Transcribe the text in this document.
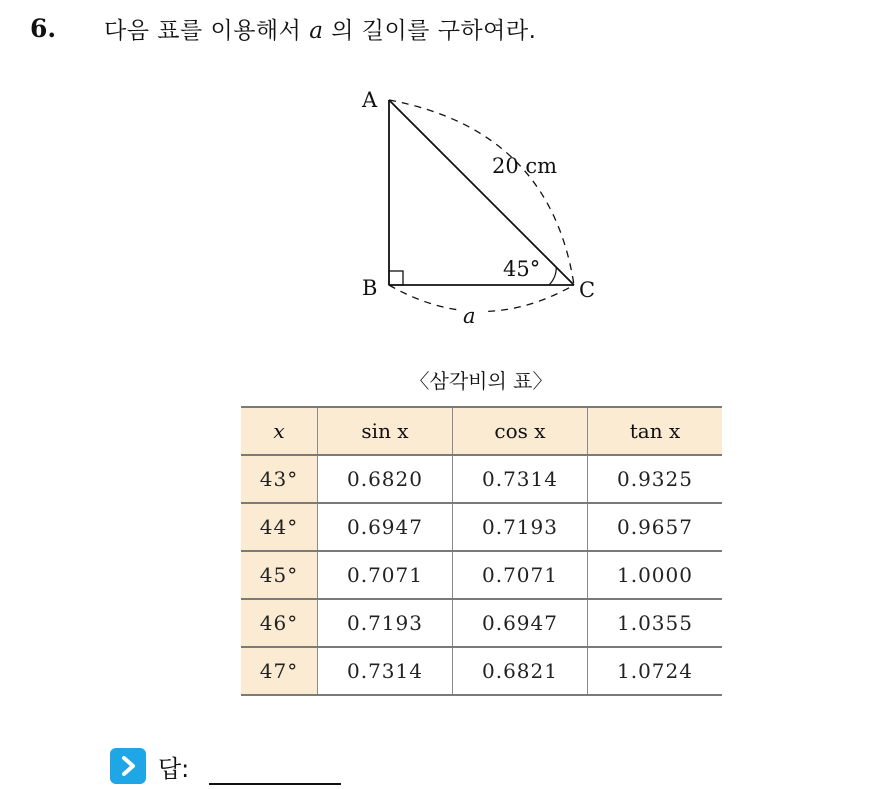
6.	다음 표를 이용해서 a 의 길이를 구하여라.
A
B	C
20 cm
45°
a
〈삼각비의 표〉
x	sin x	cos x	tan x
43°	0.6820	0.7314	0.9325
44°	0.6947	0.7193	0.9657
45°	0.7071	0.7071	1.0000
46°	0.7193	0.6947	1.0355
47°	0.7314	0.6821	1.0724
답:
